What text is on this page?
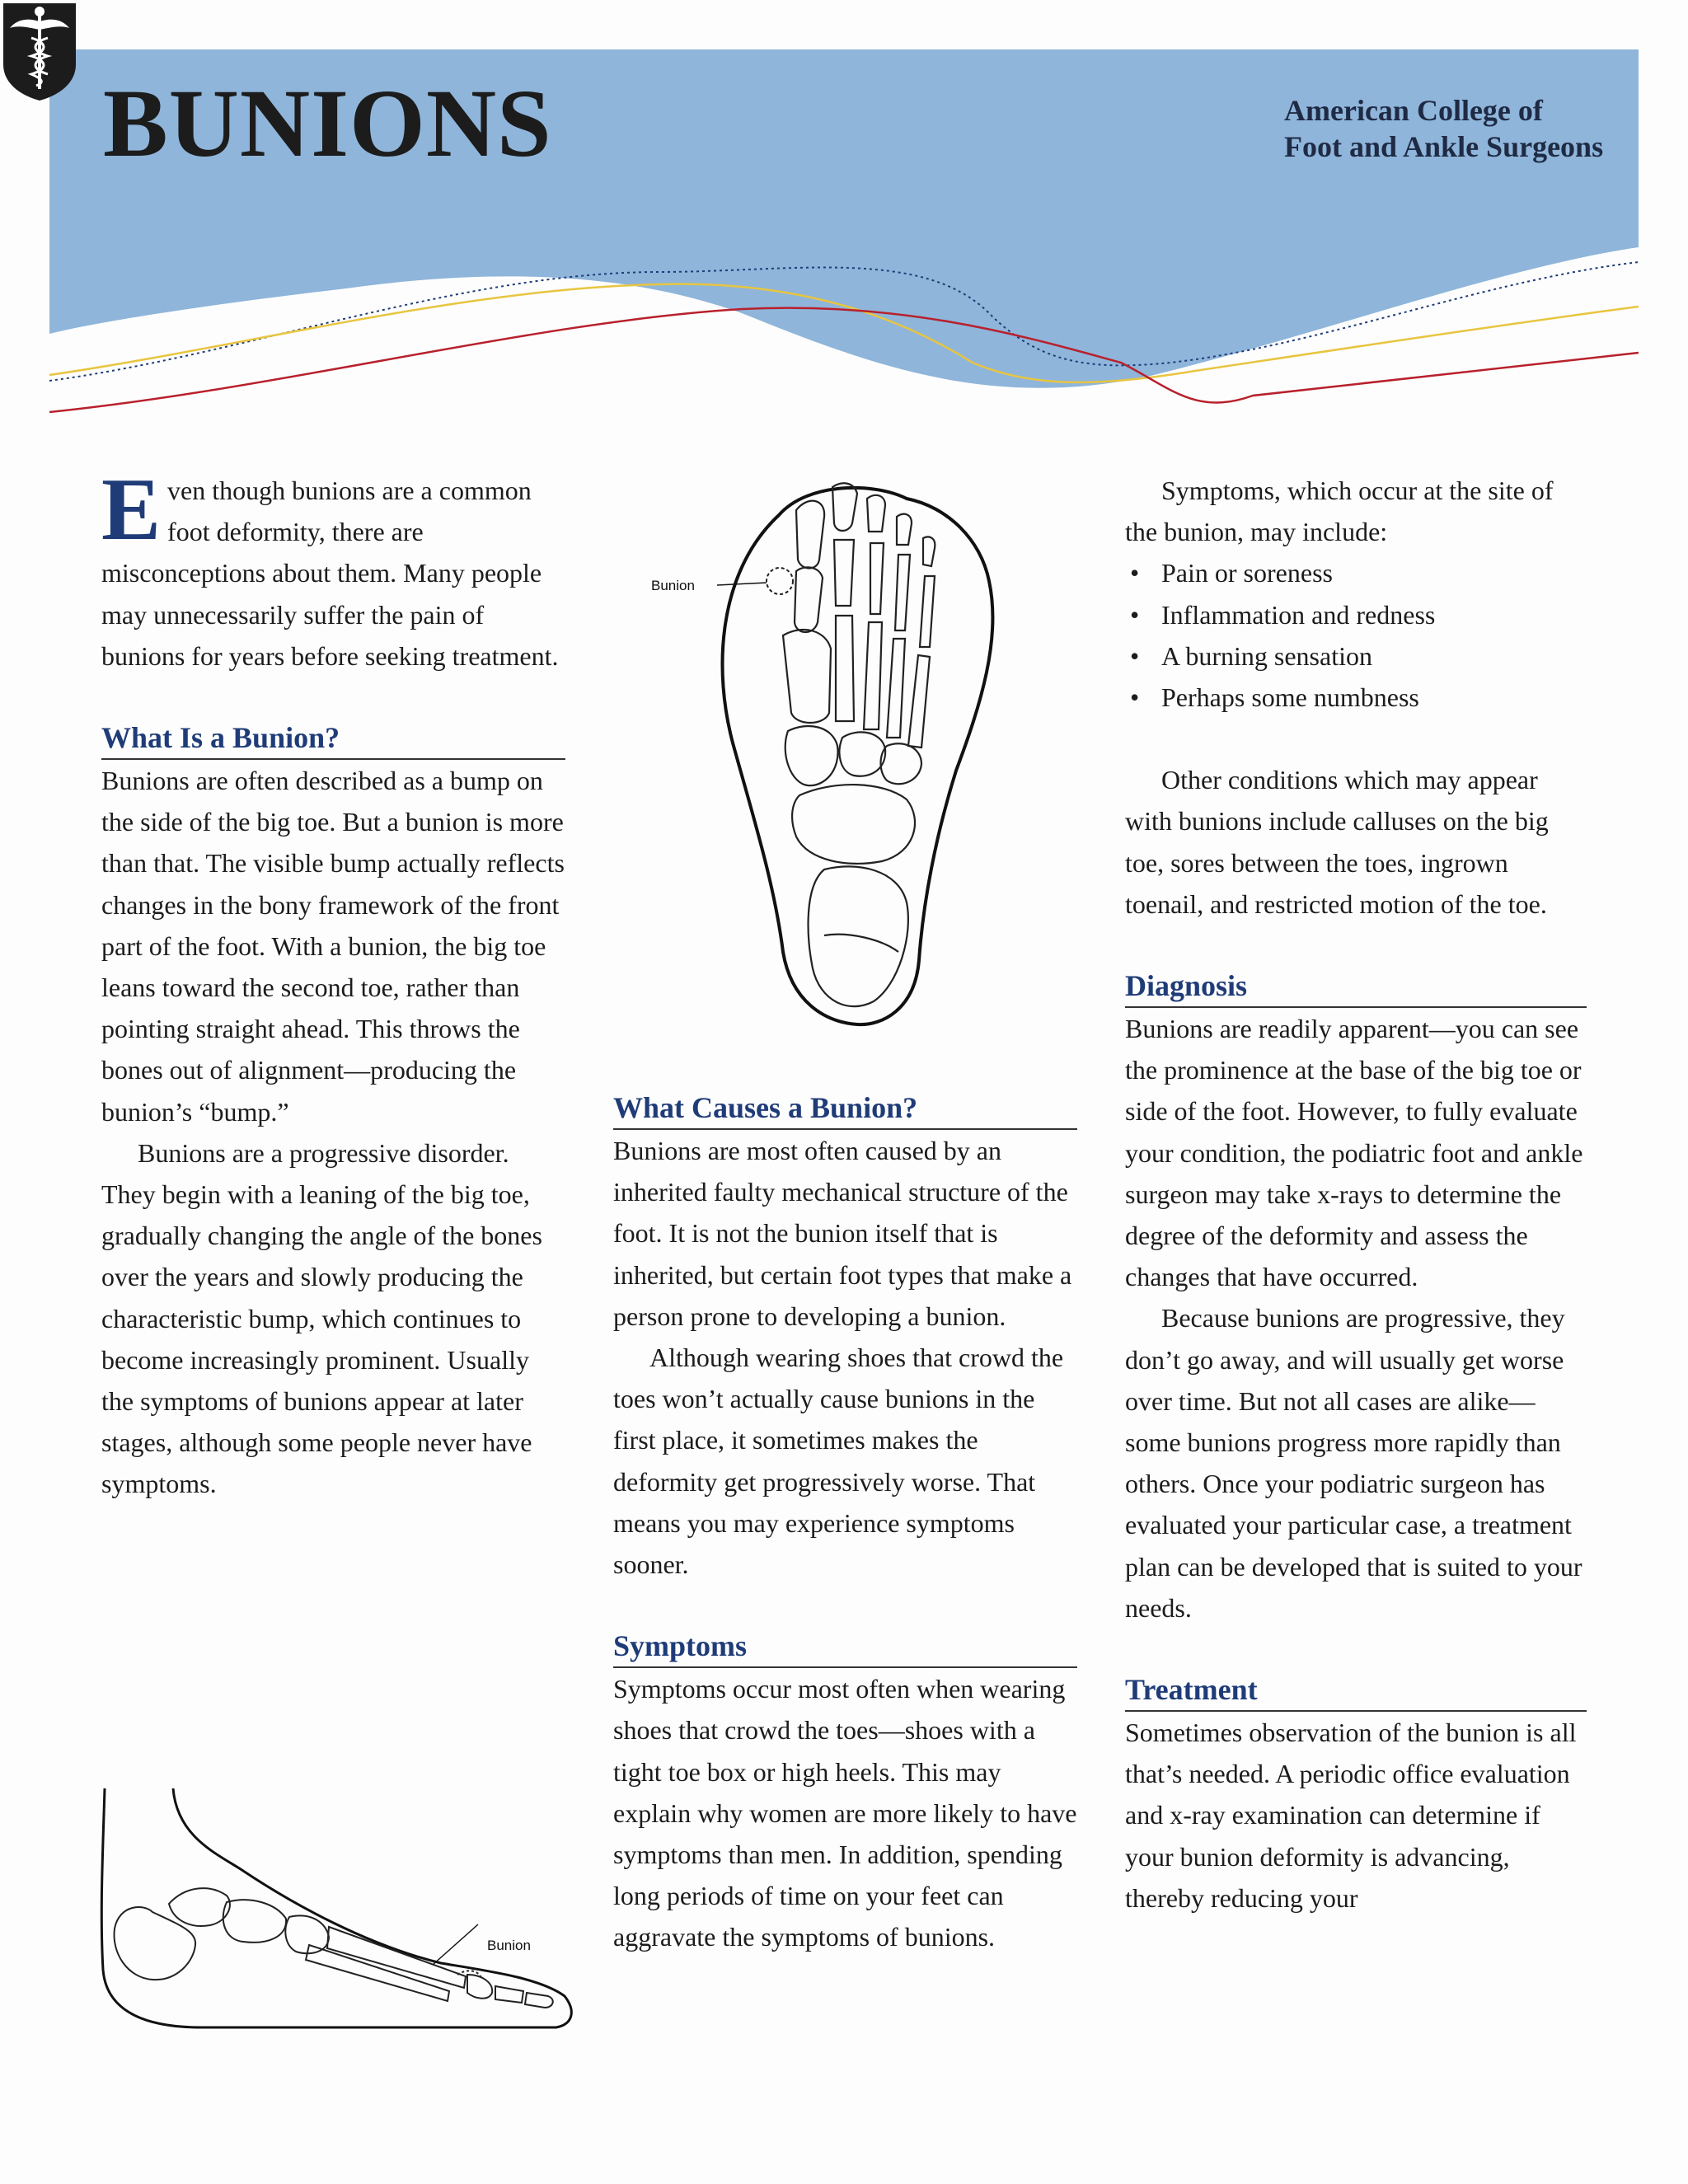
BUNIONS	American College of
Foot and Ankle Surgeons

Even though bunions are a common foot deformity, there are misconceptions about them. Many people may unnecessarily suffer the pain of bunions for years before seeking treatment.

What Is a Bunion?

Bunions are often described as a bump on the side of the big toe. But a bunion is more than that. The visible bump actually reflects changes in the bony framework of the front part of the foot. With a bunion, the big toe leans toward the second toe, rather than pointing straight ahead. This throws the bones out of alignment—producing the bunion’s “bump.”

Bunions are a progressive disorder. They begin with a leaning of the big toe, gradually changing the angle of the bones over the years and slowly producing the characteristic bump, which continues to become increasingly prominent. Usually the symptoms of bunions appear at later stages, although some people never have symptoms.

Bunion
What Causes a Bunion?

Bunions are most often caused by an inherited faulty mechanical structure of the foot. It is not the bunion itself that is inherited, but certain foot types that make a person prone to developing a bunion.

Although wearing shoes that crowd the toes won’t actually cause bunions in the first place, it sometimes makes the deformity get progressively worse. That means you may experience symptoms sooner.

Symptoms

Symptoms occur most often when wearing shoes that crowd the toes—shoes with a tight toe box or high heels. This may explain why women are more likely to have symptoms than men. In addition, spending long periods of time on your feet can aggravate the symptoms of bunions.

Symptoms, which occur at the site of the bunion, may include:

• Pain or soreness
• Inflammation and redness
• A burning sensation
• Perhaps some numbness

Other conditions which may appear with bunions include calluses on the big toe, sores between the toes, ingrown toenail, and restricted motion of the toe.

Diagnosis

Bunions are readily apparent—you can see the prominence at the base of the big toe or side of the foot. However, to fully evaluate your condition, the podiatric foot and ankle surgeon may take x-rays to determine the degree of the deformity and assess the changes that have occurred.

Because bunions are progressive, they don’t go away, and will usually get worse over time. But not all cases are alike—some bunions progress more rapidly than others. Once your podiatric surgeon has evaluated your particular case, a treatment plan can be developed that is suited to your needs.

Treatment

Sometimes observation of the bunion is all that’s needed. A periodic office evaluation and x-ray examination can determine if your bunion deformity is advancing, thereby reducing your

Bunion
